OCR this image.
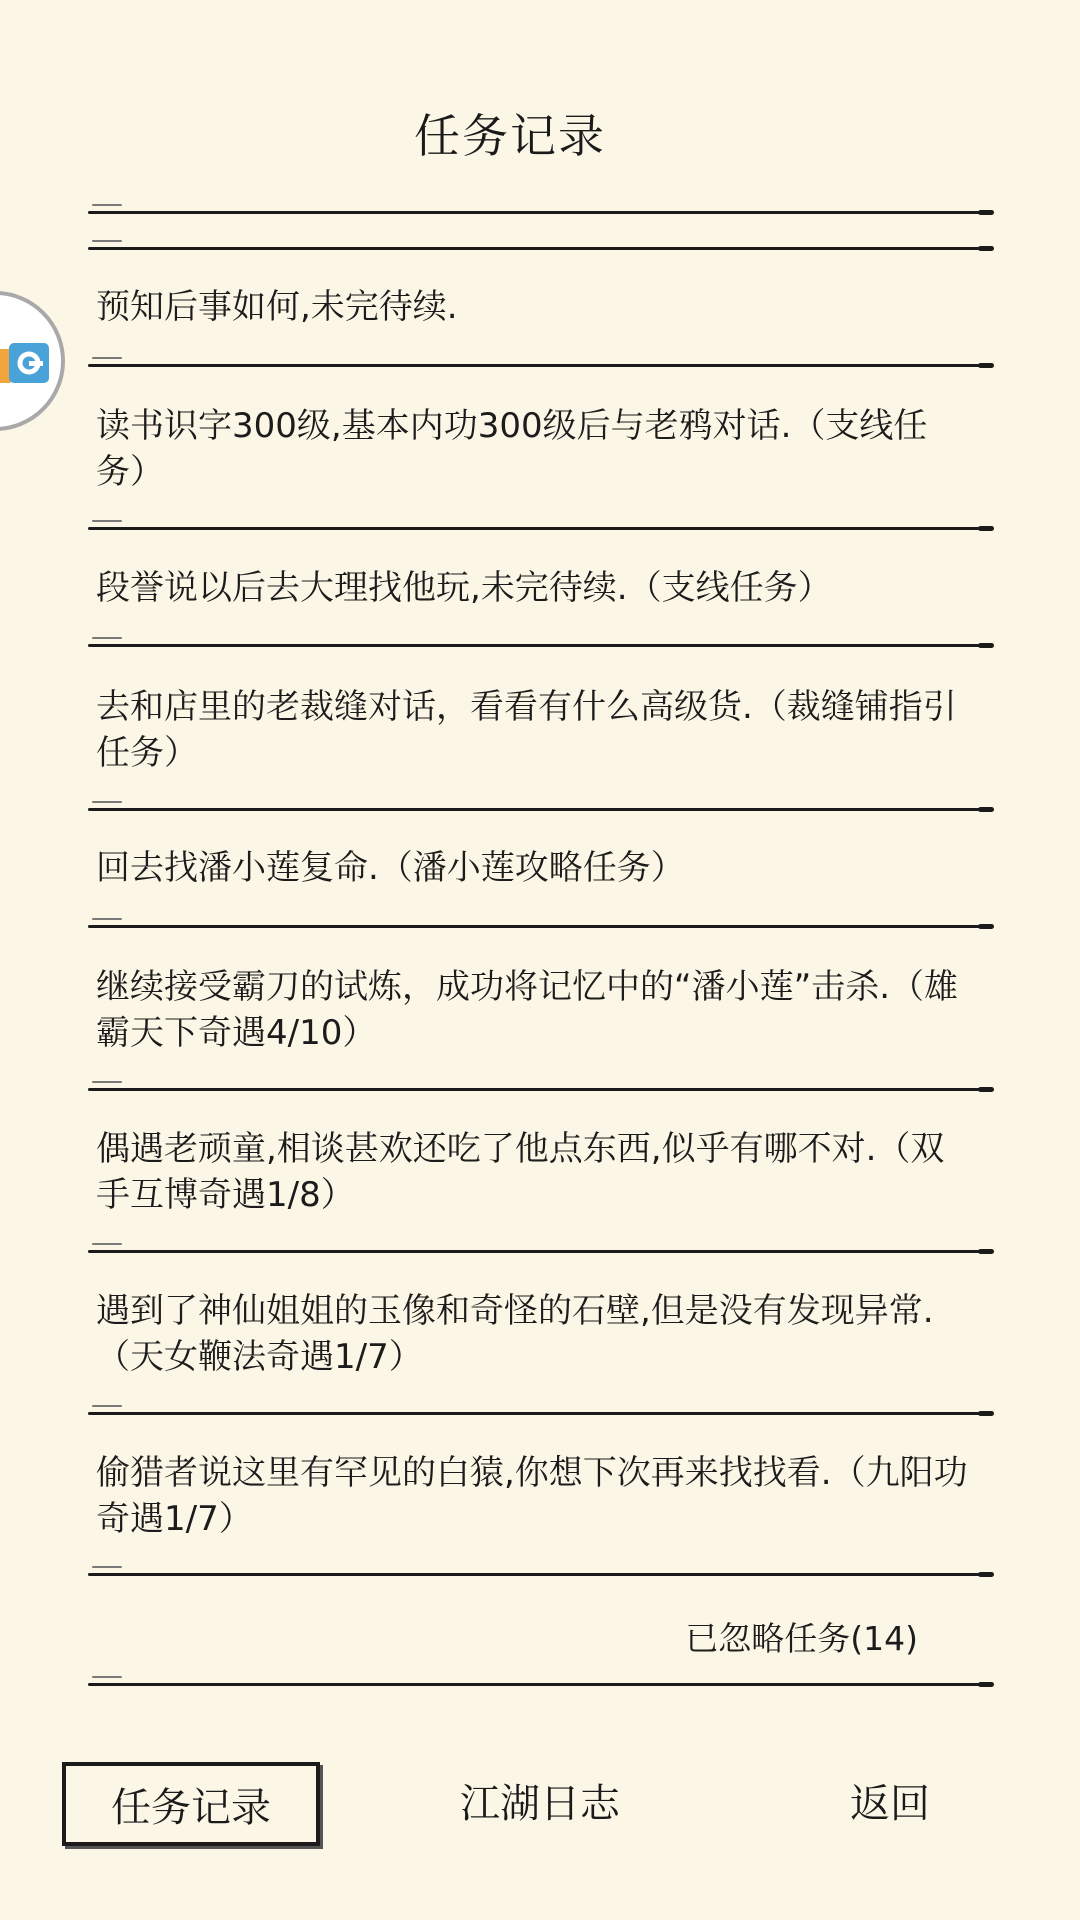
任务记录
预知后事如何,未完待续.
读书识字300级,基本内功300级后与老鸦对话.（支线任务）
段誉说以后去大理找他玩,未完待续.（支线任务）
去和店里的老裁缝对话，看看有什么高级货.（裁缝铺指引任务）
回去找潘小莲复命.（潘小莲攻略任务）
继续接受霸刀的试炼，成功将记忆中的“潘小莲”击杀.（雄霸天下奇遇4/10）
偶遇老顽童,相谈甚欢还吃了他点东西,似乎有哪不对.（双手互博奇遇1/8）
遇到了神仙姐姐的玉像和奇怪的石壁,但是没有发现异常.（天女鞭法奇遇1/7）
偷猎者说这里有罕见的白猿,你想下次再来找找看.（九阳功奇遇1/7）
已忽略任务(14)
任务记录	江湖日志	返回
